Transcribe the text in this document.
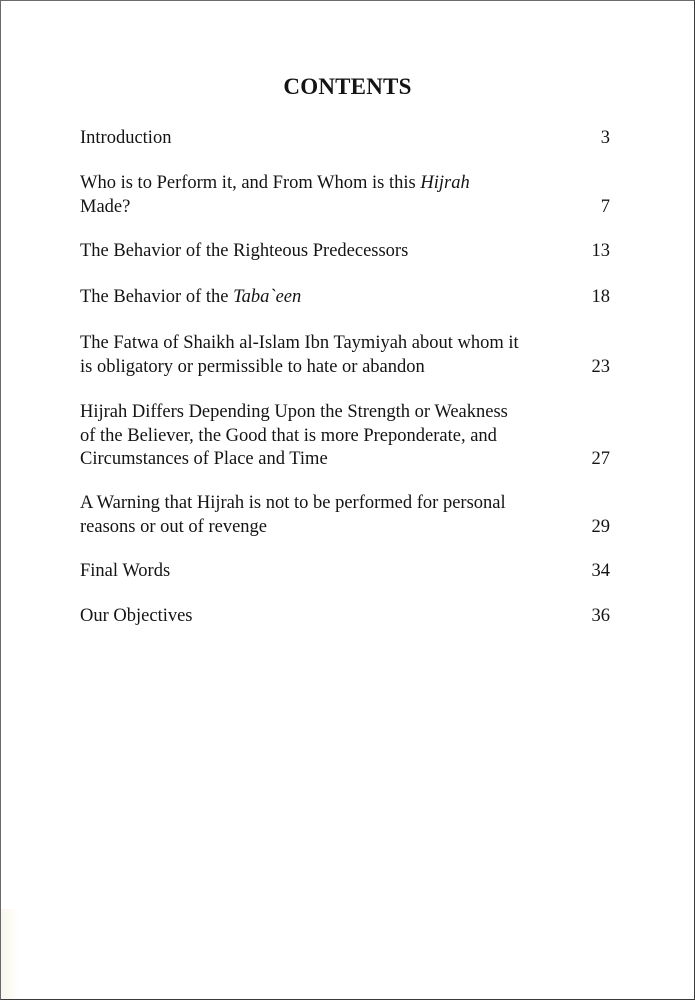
CONTENTS
Introduction	3
Who is to Perform it, and From Whom is this Hijrah
Made?	7
The Behavior of the Righteous Predecessors	13
The Behavior of the Taba`een	18
The Fatwa of Shaikh al-Islam Ibn Taymiyah about whom it
is obligatory or permissible to hate or abandon	23
Hijrah Differs Depending Upon the Strength or Weakness
of the Believer, the Good that is more Preponderate, and
Circumstances of Place and Time	27
A Warning that Hijrah is not to be performed for personal
reasons or out of revenge	29
Final Words	34
Our Objectives	36
